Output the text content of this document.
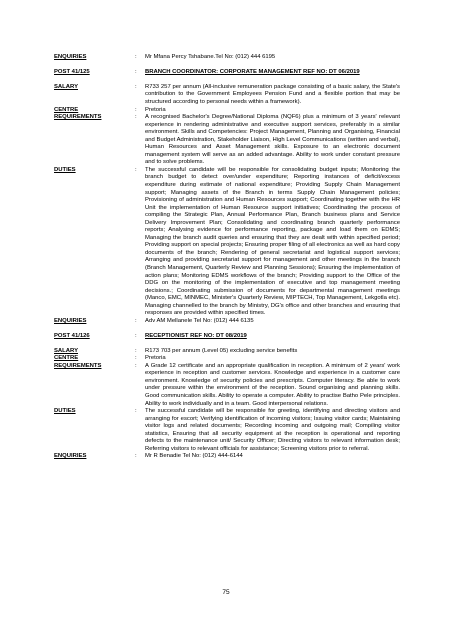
ENQUIRIES	:	Mr Mfana Percy Tshabane.Tel No: (012) 444 6195
POST 41/125	:	BRANCH COORDINATOR: CORPORATE MANAGEMENT REF NO: DT 06/2019
SALARY	:	R733 257 per annum (All-inclusive remuneration package consisting of a basic salary, the State's contribution to the Government Employees Pension Fund and a flexible portion that may be structured according to personal needs within a framework).
CENTRE	:	Pretoria
REQUIREMENTS	:	A recognised Bachelor's Degree/National Diploma (NQF6) plus a minimum of 3 years' relevant experience in rendering administrative and executive support services, preferably in a similar environment. Skills and Competencies: Project Management, Planning and Organising, Financial and Budget Administration, Stakeholder Liaison, High Level Communications (written and verbal), Human Resources and Asset Management skills. Exposure to an electronic document management system will serve as an added advantage. Ability to work under constant pressure and to solve problems.
DUTIES	:	The successful candidate will be responsible for consolidating budget inputs; Monitoring the branch budget to detect over/under expenditure; Reporting instances of deficit/excess expenditure during estimate of national expenditure; Providing Supply Chain Management support; Managing assets of the Branch in terms Supply Chain Management policies; Provisioning of administration and Human Resources support; Coordinating together with the HR Unit the implementation of Human Resource support initiatives; Coordinating the process of compiling the Strategic Plan, Annual Performance Plan, Branch business plans and Service Delivery Improvement Plan; Consolidating and coordinating branch quarterly performance reports; Analysing evidence for performance reporting, package and load them on EDMS; Managing the branch audit queries and ensuring that they are dealt with within specified period; Providing support on special projects; Ensuring proper filing of all electronics as well as hard copy documents of the branch; Rendering of general secretariat and logistical support services; Arranging and providing secretariat support for management and other meetings in the branch (Branch Management, Quarterly Review and Planning Sessions); Ensuring the implementation of action plans; Monitoring EDMS workflows of the branch; Providing support to the Office of the DDG on the monitoring of the implementation of executive and top management meeting decisions.; Coordinating submission of documents for departmental management meetings (Manco, EMC, MINMEC, Minister's Quarterly Review, MIPTECH, Top Management, Lekgotla etc). Managing channelled to the branch by Ministry, DG's office and other branches and ensuring that responses are provided within specified times.
ENQUIRIES	:	Adv AM Mellanele Tel No: (012) 444 6135
POST 41/126	:	RECEPTIONIST REF NO: DT 08/2019
SALARY	:	R173 703 per annum (Level 05) excluding service benefits
CENTRE	:	Pretoria
REQUIREMENTS	:	A Grade 12 certificate and an appropriate qualification in reception. A minimum of 2 years' work experience in reception and customer services. Knowledge and experience in a customer care environment. Knowledge of security policies and prescripts. Computer literacy. Be able to work under pressure within the environment of the reception. Sound organising and planning skills. Good communication skills. Ability to operate a computer. Ability to practise Batho Pele principles. Ability to work individually and in a team. Good interpersonal relations.
DUTIES	:	The successful candidate will be responsible for greeting, identifying and directing visitors and arranging for escort; Verifying identification of incoming visitors; Issuing visitor cards; Maintaining visitor logs and related documents; Recording incoming and outgoing mail; Compiling visitor statistics, Ensuring that all security equipment at the reception is operational and reporting defects to the maintenance unit/ Security Officer; Directing visitors to relevant information desk; Referring visitors to relevant officials for assistance; Screening visitors prior to referral.
ENQUIRIES	:	Mr R Benadie Tel No: (012) 444-6144
75
